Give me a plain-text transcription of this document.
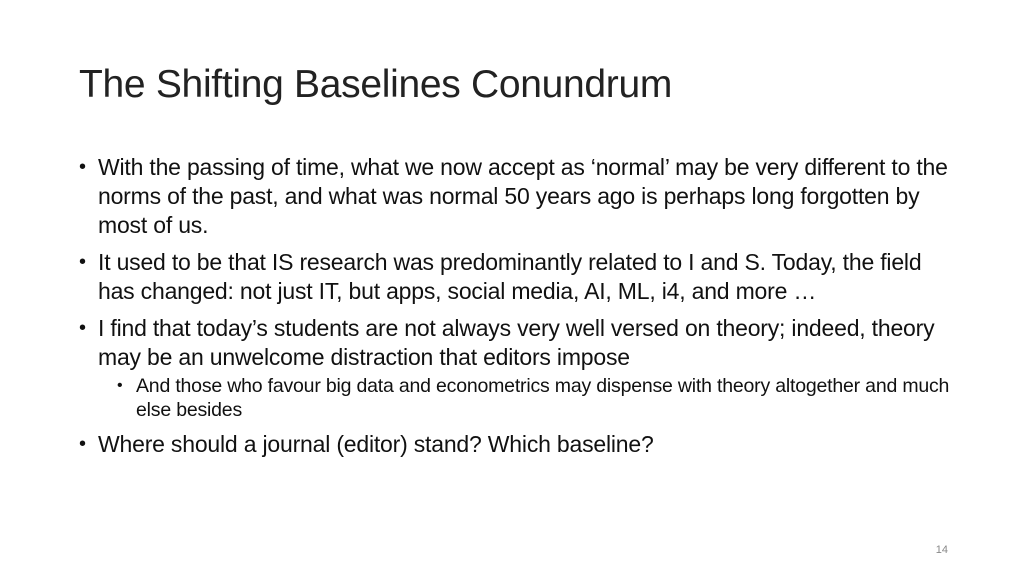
The Shifting Baselines Conundrum
• With the passing of time, what we now accept as ‘normal’ may be very different to the norms of the past, and what was normal 50 years ago is perhaps long forgotten by most of us.
• It used to be that IS research was predominantly related to I and S. Today, the field has changed: not just IT, but apps, social media, AI, ML, i4, and more …
• I find that today’s students are not always very well versed on theory; indeed, theory may be an unwelcome distraction that editors impose
• And those who favour big data and econometrics may dispense with theory altogether and much else besides
• Where should a journal (editor) stand? Which baseline?
14
